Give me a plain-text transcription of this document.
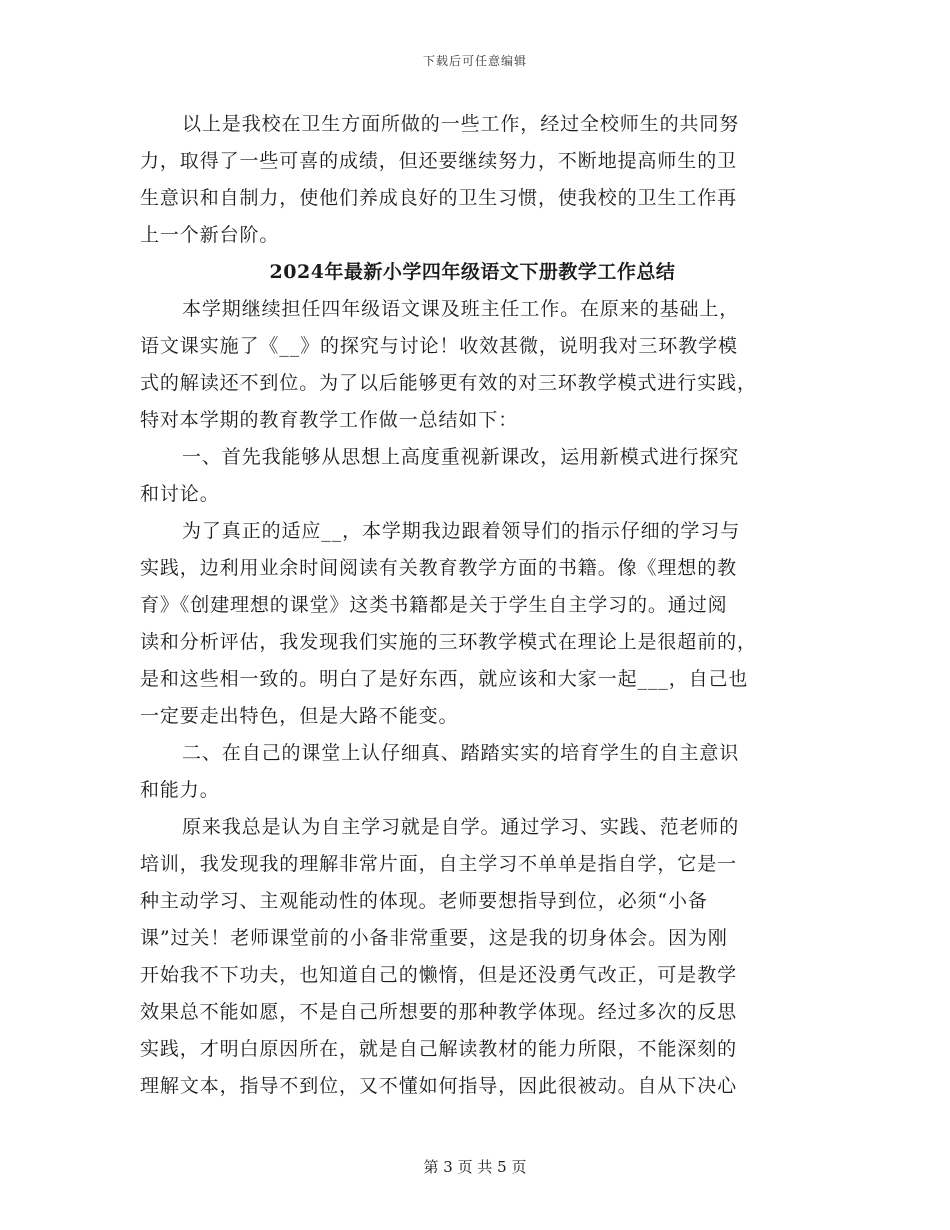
下载后可任意编辑
以上是我校在卫生方面所做的一些工作，经过全校师生的共同努
力，取得了一些可喜的成绩，但还要继续努力，不断地提高师生的卫
生意识和自制力，使他们养成良好的卫生习惯，使我校的卫生工作再
上一个新台阶。
2024年最新小学四年级语文下册教学工作总结
本学期继续担任四年级语文课及班主任工作。在原来的基础上，
语文课实施了《__》的探究与讨论！收效甚微，说明我对三环教学模
式的解读还不到位。为了以后能够更有效的对三环教学模式进行实践，
特对本学期的教育教学工作做一总结如下：
一、首先我能够从思想上高度重视新课改，运用新模式进行探究
和讨论。
为了真正的适应__，本学期我边跟着领导们的指示仔细的学习与
实践，边利用业余时间阅读有关教育教学方面的书籍。像《理想的教
育》《创建理想的课堂》这类书籍都是关于学生自主学习的。通过阅
读和分析评估，我发现我们实施的三环教学模式在理论上是很超前的，
是和这些相一致的。明白了是好东西，就应该和大家一起___，自己也
一定要走出特色，但是大路不能变。
二、在自己的课堂上认仔细真、踏踏实实的培育学生的自主意识
和能力。
原来我总是认为自主学习就是自学。通过学习、实践、范老师的
培训，我发现我的理解非常片面，自主学习不单单是指自学，它是一
种主动学习、主观能动性的体现。老师要想指导到位，必须“小备
课”过关！老师课堂前的小备非常重要，这是我的切身体会。因为刚
开始我不下功夫，也知道自己的懒惰，但是还没勇气改正，可是教学
效果总不能如愿，不是自己所想要的那种教学体现。经过多次的反思
实践，才明白原因所在，就是自己解读教材的能力所限，不能深刻的
理解文本，指导不到位，又不懂如何指导，因此很被动。自从下决心
第 3 页 共 5 页
